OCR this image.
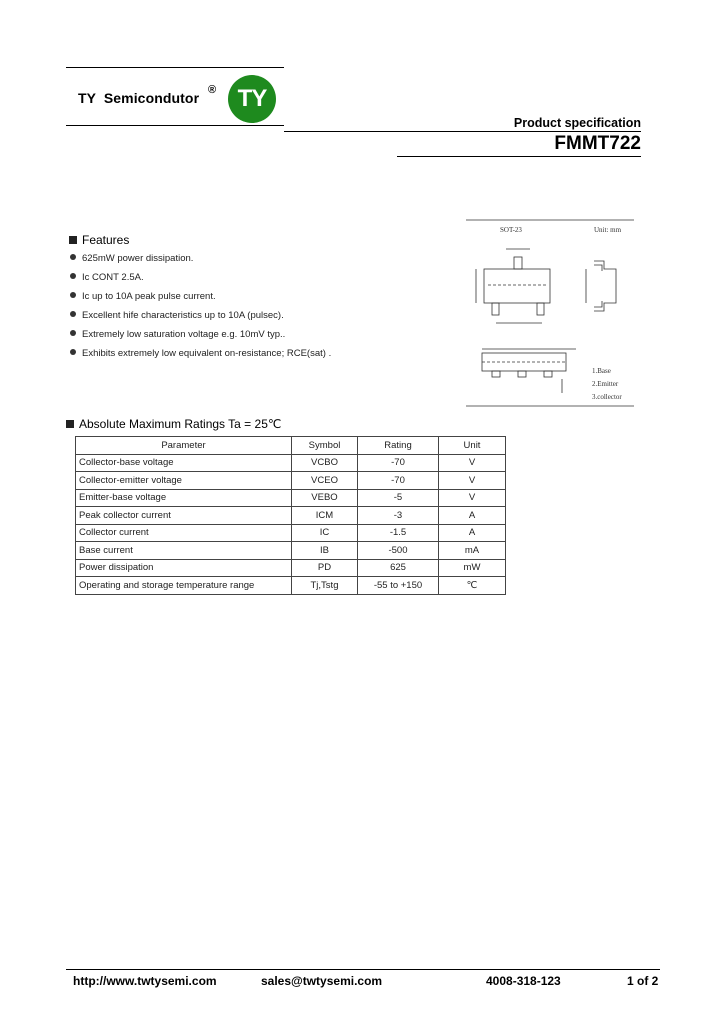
TY  Semicondutor ® TY
Product specification
FMMT722
Features
625mW power dissipation.
Ic CONT 2.5A.
Ic up to 10A peak pulse current.
Excellent hife characteristics up to 10A (pulsec).
Extremely low saturation voltage e.g. 10mV typ..
Exhibits extremely low equivalent on-resistance; RCE(sat) .
SOT-23	Unit: mm
1.Base
2.Emitter
3.collector
Absolute Maximum Ratings Ta = 25℃
Parameter	Symbol	Rating	Unit
Collector-base voltage	VCBO	-70	V
Collector-emitter voltage	VCEO	-70	V
Emitter-base voltage	VEBO	-5	V
Peak collector current	ICM	-3	A
Collector current	IC	-1.5	A
Base current	IB	-500	mA
Power dissipation	PD	625	mW
Operating and storage temperature range	Tj,Tstg	-55 to +150	℃
http://www.twtysemi.com	sales@twtysemi.com	4008-318-123	1 of 2
